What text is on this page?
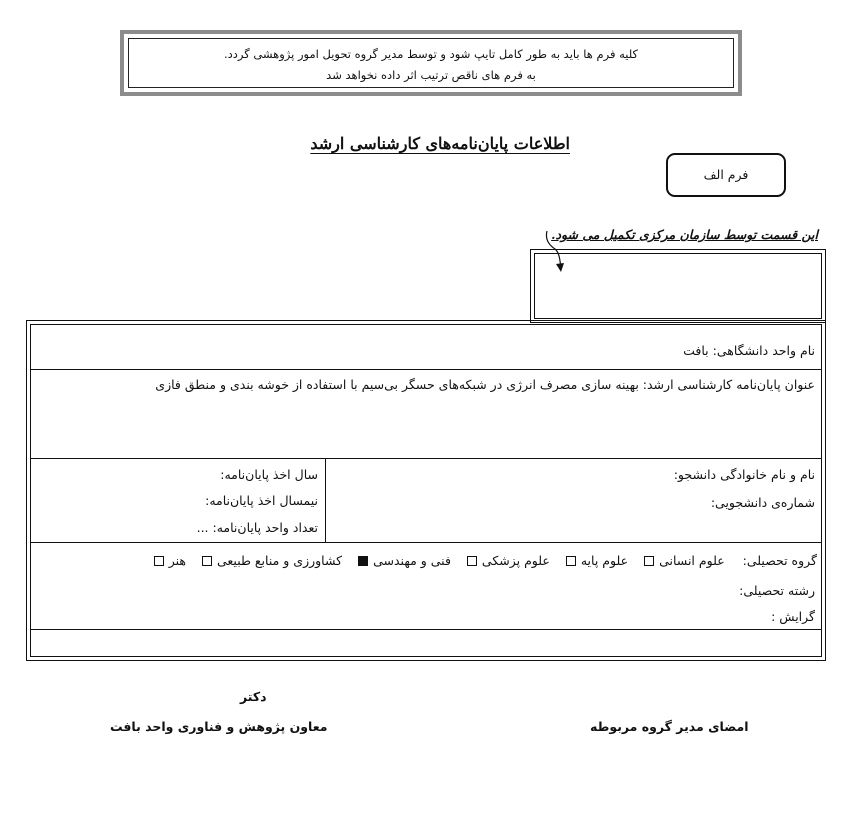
کلیه فرم ها باید به طور کامل تایپ شود و توسط مدیر گروه تحویل امور پژوهشی گردد.
به فرم های ناقص ترتیب اثر داده نخواهد شد
اطلاعات پایان‌نامه‌های کارشناسی ارشد
فرم الف
این قسمت توسط سازمان مرکزی تکمیل می شود.
نام واحد دانشگاهی: بافت
عنوان پایان‌نامه کارشناسی ارشد: بهینه سازی مصرف انرژی در شبکه‌های حسگر بی‌سیم با استفاده از خوشه بندی و منطق فازی
نام و نام خانوادگی دانشجو:
شماره‌ی دانشجویی:
سال اخذ پایان‌نامه:
نیمسال اخذ پایان‌نامه:
تعداد واحد پایان‌نامه: ...
گروه تحصیلی: علوم انسانی علوم پایه علوم پزشکی فنی و مهندسی کشاورزی و منابع طبیعی هنر
رشته تحصیلی:
گرایش :
دکتر
معاون پژوهش و فناوری واحد بافت	امضای مدیر گروه مربوطه
